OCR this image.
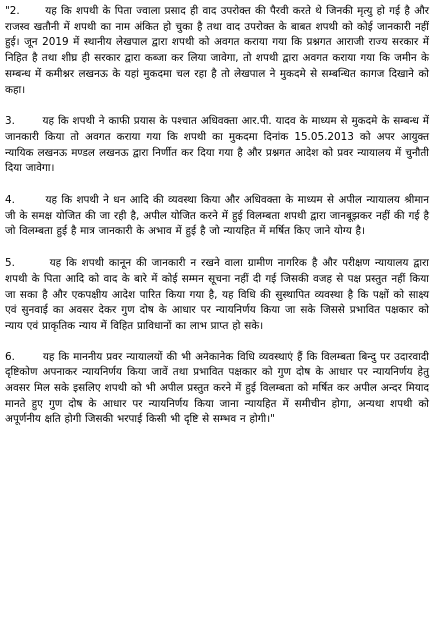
"2. यह कि शपथी के पिता ज्वाला प्रसाद ही वाद उपरोक्त की पैरवी करते थे जिनकी मृत्यु हो गई है और राजस्व खतौनी में शपथी का नाम अंकित हो चुका है तथा वाद उपरोक्त के बाबत शपथी को कोई जानकारी नहीं हुई। जून 2019 में स्थानीय लेखपाल द्वारा शपथी को अवगत कराया गया कि प्रश्नगत आराजी राज्य सरकार में निहित है तथा शीघ्र ही सरकार द्वारा कब्जा कर लिया जावेगा, तो शपथी द्वारा अवगत कराया गया कि जमीन के सम्बन्ध में कमीश्नर लखनऊ के यहां मुकदमा चल रहा है तो लेखपाल ने मुकदमे से सम्बन्धित कागज दिखाने को कहा।

3.	यह कि शपथी ने काफी प्रयास के पश्चात अधिवक्ता आर.पी. यादव के माध्यम से मुकदमे के सम्बन्ध में जानकारी किया तो अवगत कराया गया कि शपथी का मुकदमा दिनांक 15.05.2013 को अपर आयुक्त न्यायिक लखनऊ मण्डल लखनऊ द्वारा निर्णीत कर दिया गया है और प्रश्नगत आदेश को प्रवर न्यायालय में चुनौती दिया जावेगा।

4.	यह कि शपथी ने धन आदि की व्यवस्था किया और अधिवक्ता के माध्यम से अपील न्यायालय श्रीमान जी के समक्ष योजित की जा रही है, अपील योजित करने में हुई विलम्बता शपथी द्वारा जानबूझकर नहीं की गई है जो विलम्बता हुई है मात्र जानकारी के अभाव में हुई है जो न्यायहित में मर्षित किए जाने योग्य है।

5.	यह कि शपथी कानून की जानकारी न रखने वाला ग्रामीण नागरिक है और परीक्षण न्यायालय द्वारा शपथी के पिता आदि को वाद के बारे में कोई सम्मन सूचना नहीं दी गई जिसकी वजह से पक्ष प्रस्तुत नहीं किया जा सका है और एकपक्षीय आदेश पारित किया गया है, यह विधि की सुस्थापित व्यवस्था है कि पक्षों को साक्ष्य एवं सुनवाई का अवसर देकर गुण दोष के आधार पर न्यायनिर्णय किया जा सके जिससे प्रभावित पक्षकार को न्याय एवं प्राकृतिक न्याय में विहित प्राविधानों का लाभ प्राप्त हो सके।

6.	यह कि माननीय प्रवर न्यायालयों की भी अनेकानेक विधि व्यवस्थाएं हैं कि विलम्बता बिन्दु पर उदारवादी दृष्टिकोण अपनाकर न्यायनिर्णय किया जावें तथा प्रभावित पक्षकार को गुण दोष के आधार पर न्यायनिर्णय हेतु अवसर मिल सके इसलिए शपथी को भी अपील प्रस्तुत करने में हुई विलम्बता को मर्षित कर अपील अन्दर मियाद मानते हुए गुण दोष के आधार पर न्यायनिर्णय किया जाना न्यायहित में समीचीन होगा, अन्यथा शपथी को अपूर्णनीय क्षति होगी जिसकी भरपाई किसी भी दृष्टि से सम्भव न होगी।"
